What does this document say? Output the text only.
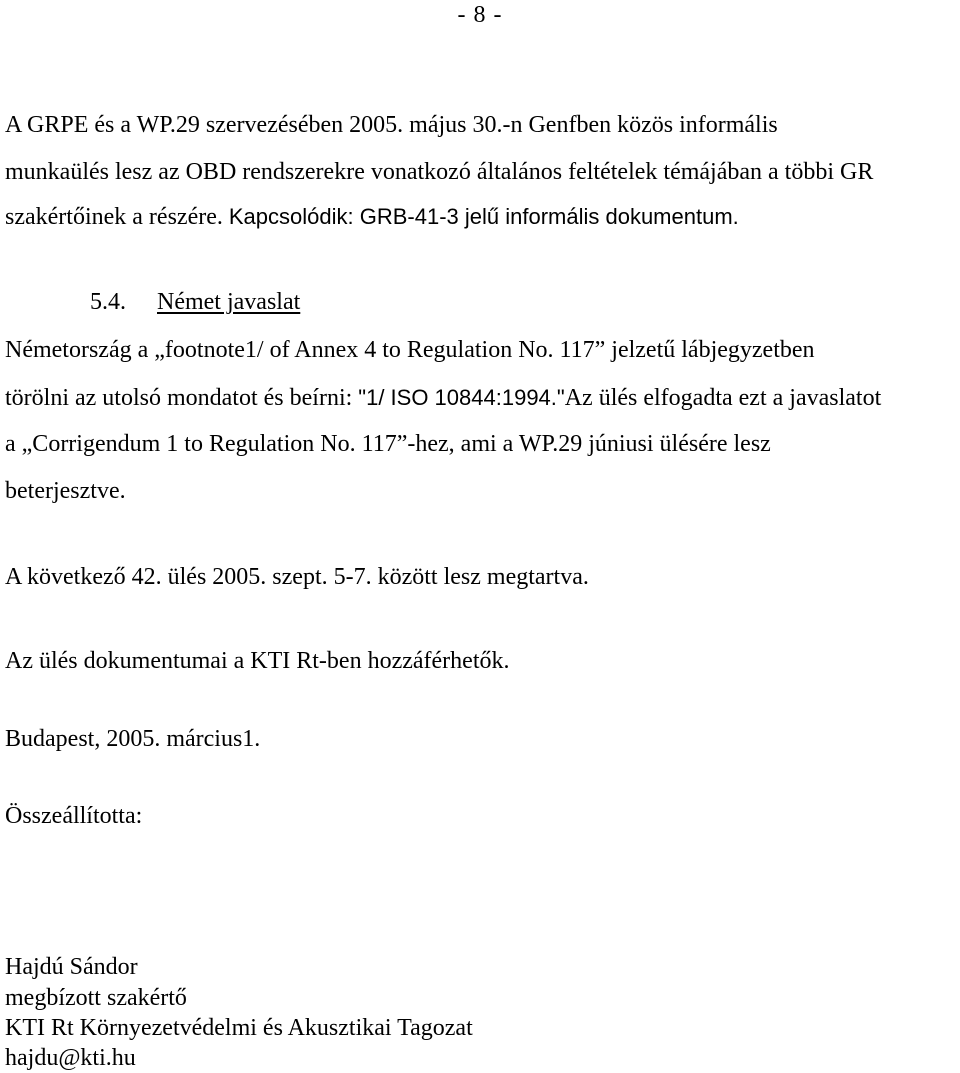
- 8 -
A GRPE és a WP.29 szervezésében 2005. május 30.-n Genfben közös informális
munkaülés lesz az OBD rendszerekre vonatkozó általános feltételek témájában a többi GR
szakértőinek a részére. Kapcsolódik: GRB-41-3 jelű informális dokumentum.
5.4. Német javaslat
Németország a „footnote1/ of Annex 4 to Regulation No. 117” jelzetű lábjegyzetben
törölni az utolsó mondatot és beírni: "1/ ISO 10844:1994."Az ülés elfogadta ezt a javaslatot
a „Corrigendum 1 to Regulation No. 117”-hez, ami a WP.29 júniusi ülésére lesz
beterjesztve.
A következő 42. ülés 2005. szept. 5-7. között lesz megtartva.
Az ülés dokumentumai a KTI Rt-ben hozzáférhetők.
Budapest, 2005. március1.
Összeállította:
Hajdú Sándor
megbízott szakértő
KTI Rt Környezetvédelmi és Akusztikai Tagozat
hajdu@kti.hu
